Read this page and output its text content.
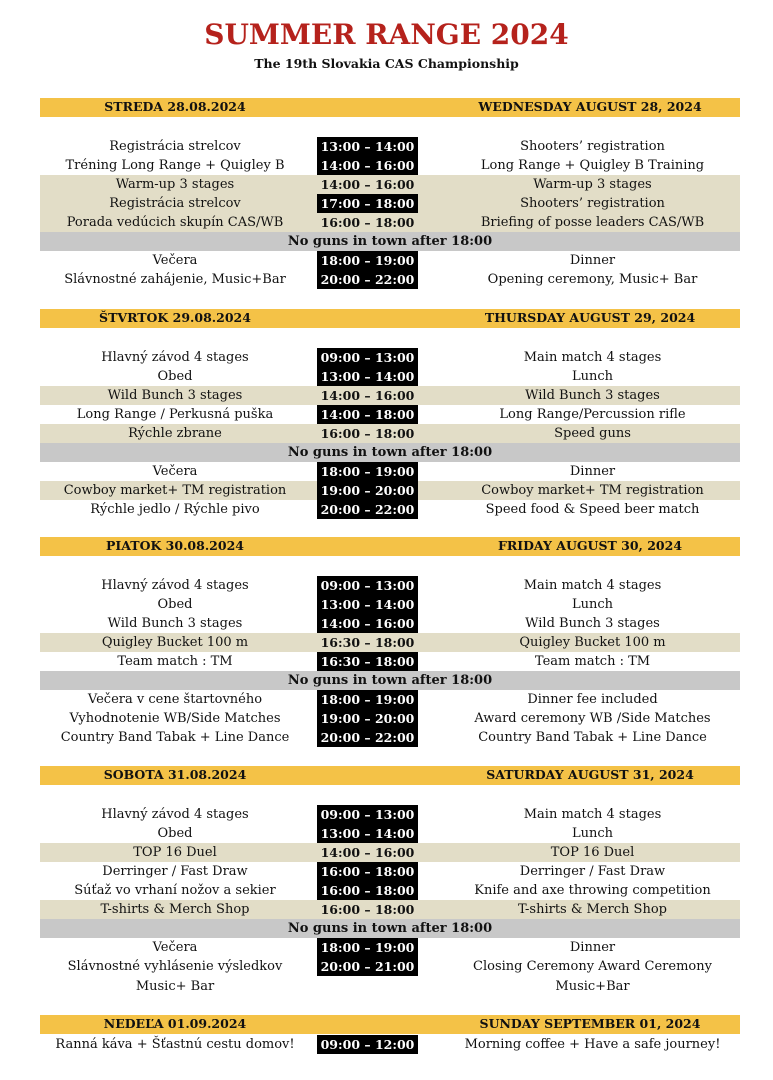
SUMMER RANGE 2024
The 19th Slovakia CAS Championship
STREDA 28.08.2024	WEDNESDAY AUGUST 28, 2024
Registrácia strelcov	13:00 – 14:00	Shooters’ registration
Tréning Long Range + Quigley B	14:00 – 16:00	Long Range + Quigley B Training
Warm-up 3 stages	14:00 – 16:00	Warm-up 3 stages
Registrácia strelcov	17:00 – 18:00	Shooters’ registration
Porada vedúcich skupín CAS/WB	16:00 – 18:00	Briefing of posse leaders CAS/WB
No guns in town after 18:00
Večera	18:00 – 19:00	Dinner
Slávnostné zahájenie, Music+Bar	20:00 – 22:00	Opening ceremony, Music+ Bar
ŠTVRTOK 29.08.2024	THURSDAY AUGUST 29, 2024
Hlavný závod 4 stages	09:00 – 13:00	Main match 4 stages
Obed	13:00 – 14:00	Lunch
Wild Bunch 3 stages	14:00 – 16:00	Wild Bunch 3 stages
Long Range / Perkusná puška	14:00 – 18:00	Long Range/Percussion rifle
Rýchle zbrane	16:00 – 18:00	Speed guns
No guns in town after 18:00
Večera	18:00 – 19:00	Dinner
Cowboy market+ TM registration	19:00 – 20:00	Cowboy market+ TM registration
Rýchle jedlo / Rýchle pivo	20:00 – 22:00	Speed food & Speed beer match
PIATOK 30.08.2024	FRIDAY AUGUST 30, 2024
Hlavný závod 4 stages	09:00 – 13:00	Main match 4 stages
Obed	13:00 – 14:00	Lunch
Wild Bunch 3 stages	14:00 – 16:00	Wild Bunch 3 stages
Quigley Bucket 100 m	16:30 – 18:00	Quigley Bucket 100 m
Team match : TM	16:30 – 18:00	Team match : TM
No guns in town after 18:00
Večera v cene štartovného	18:00 – 19:00	Dinner fee included
Vyhodnotenie WB/Side Matches	19:00 – 20:00	Award ceremony WB /Side Matches
Country Band Tabak + Line Dance	20:00 – 22:00	Country Band Tabak + Line Dance
SOBOTA 31.08.2024	SATURDAY AUGUST 31, 2024
Hlavný závod 4 stages	09:00 – 13:00	Main match 4 stages
Obed	13:00 – 14:00	Lunch
TOP 16 Duel	14:00 – 16:00	TOP 16 Duel
Derringer / Fast Draw	16:00 – 18:00	Derringer / Fast Draw
Súťaž vo vrhaní nožov a sekier	16:00 – 18:00	Knife and axe throwing competition
T-shirts & Merch Shop	16:00 – 18:00	T-shirts & Merch Shop
No guns in town after 18:00
Večera	18:00 – 19:00	Dinner
Slávnostné vyhlásenie výsledkov	20:00 – 21:00	Closing Ceremony Award Ceremony
Music+ Bar	Music+Bar
NEDEĽA 01.09.2024	SUNDAY SEPTEMBER 01, 2024
Ranná káva + Šťastnú cestu domov!	09:00 – 12:00	Morning coffee + Have a safe journey!
